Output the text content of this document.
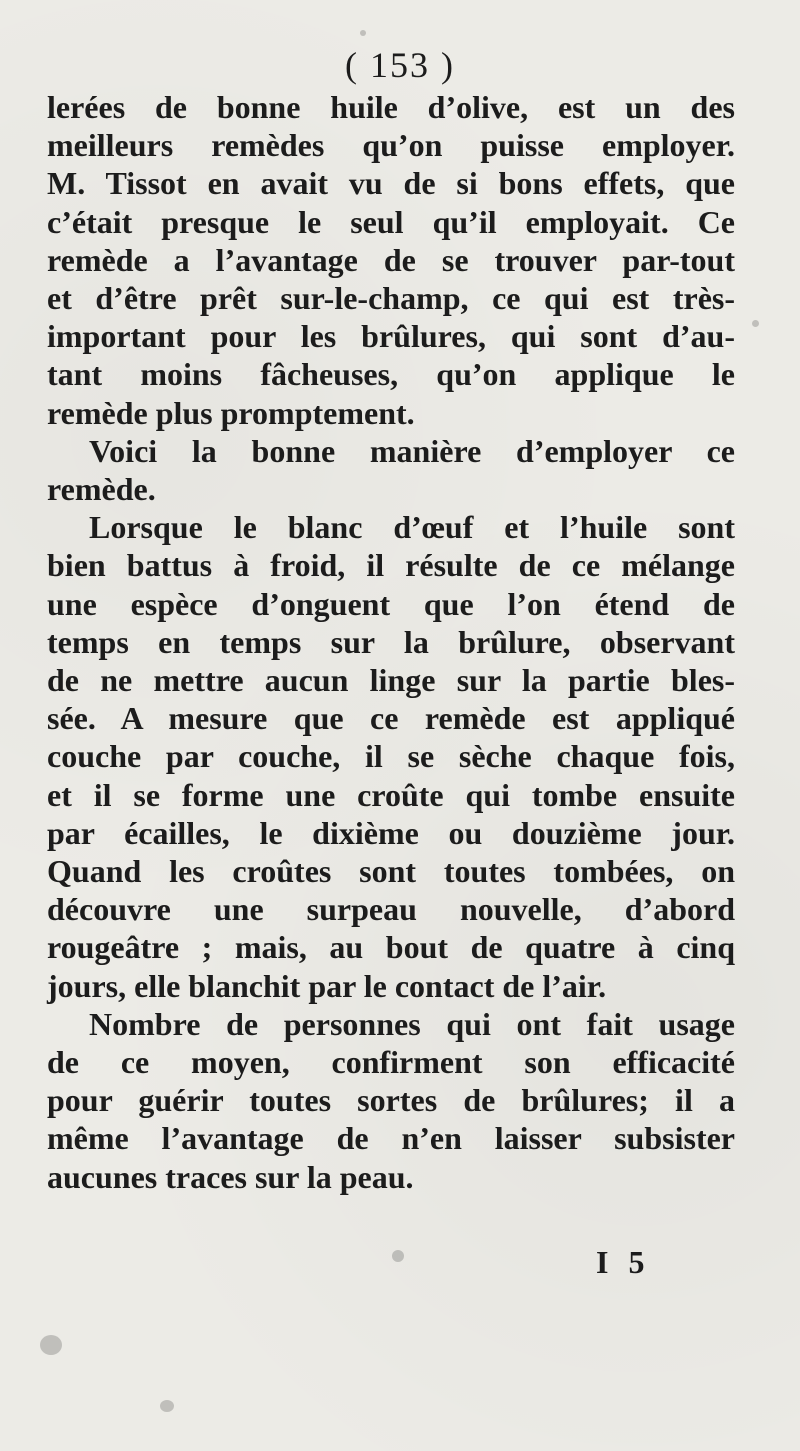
( 153 )
lerées de bonne huile d’olive, est un des
meilleurs remèdes qu’on puisse employer.
M. Tissot en avait vu de si bons effets, que
c’était presque le seul qu’il employait. Ce
remède a l’avantage de se trouver par-tout
et d’être prêt sur-le-champ, ce qui est très-
important pour les brûlures, qui sont d’au-
tant moins fâcheuses, qu’on applique le
remède plus promptement.
Voici la bonne manière d’employer ce
remède.
Lorsque le blanc d’œuf et l’huile sont
bien battus à froid, il résulte de ce mélange
une espèce d’onguent que l’on étend de
temps en temps sur la brûlure, observant
de ne mettre aucun linge sur la partie bles-
sée. A mesure que ce remède est appliqué
couche par couche, il se sèche chaque fois,
et il se forme une croûte qui tombe ensuite
par écailles, le dixième ou douzième jour.
Quand les croûtes sont toutes tombées, on
découvre une surpeau nouvelle, d’abord
rougeâtre ; mais, au bout de quatre à cinq
jours, elle blanchit par le contact de l’air.
Nombre de personnes qui ont fait usage
de ce moyen, confirment son efficacité
pour guérir toutes sortes de brûlures; il a
même l’avantage de n’en laisser subsister
aucunes traces sur la peau.
I 5
